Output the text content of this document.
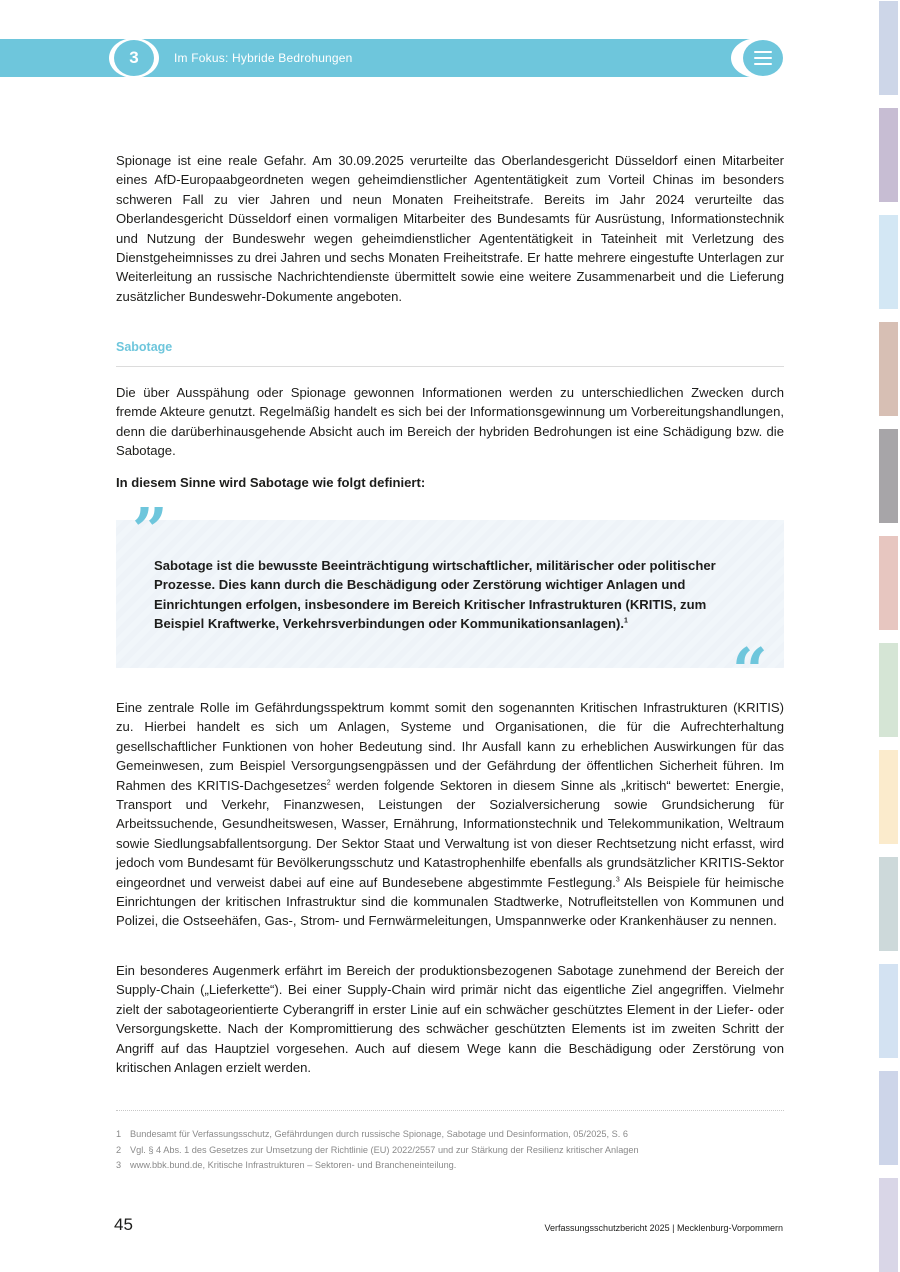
3	Im Fokus: Hybride Bedrohungen

Spionage ist eine reale Gefahr. Am 30.09.2025 verurteilte das Oberlandesgericht Düsseldorf einen Mitarbeiter eines AfD-Europaabgeordneten wegen geheimdienstlicher Agententätigkeit zum Vorteil Chinas im besonders schweren Fall zu vier Jahren und neun Monaten Freiheitstrafe. Bereits im Jahr 2024 verurteilte das Oberlandesgericht Düsseldorf einen vormaligen Mitarbeiter des Bundesamts für Ausrüstung, Informationstechnik und Nutzung der Bundeswehr wegen geheimdienstlicher Agententätigkeit in Tateinheit mit Verletzung des Dienstgeheimnisses zu drei Jahren und sechs Monaten Freiheitstrafe. Er hatte mehrere eingestufte Unterlagen zur Weiterleitung an russische Nachrichtendienste übermittelt sowie eine weitere Zusammenarbeit und die Lieferung zusätzlicher Bundeswehr-Dokumente angeboten.

Sabotage

Die über Ausspähung oder Spionage gewonnen Informationen werden zu unterschiedlichen Zwecken durch fremde Akteure genutzt. Regelmäßig handelt es sich bei der Informationsgewinnung um Vorbereitungshandlungen, denn die darüberhinausgehende Absicht auch im Bereich der hybriden Bedrohungen ist eine Schädigung bzw. die Sabotage.

In diesem Sinne wird Sabotage wie folgt definiert:
”

Sabotage ist die bewusste Beeinträchtigung wirtschaftlicher, militärischer oder politischer Prozesse. Dies kann durch die Beschädigung oder Zerstörung wichtiger Anlagen und Einrichtungen erfolgen, insbesondere im Bereich Kritischer Infrastrukturen (KRITIS, zum Beispiel Kraftwerke, Verkehrsverbindungen oder Kommunikationsanlagen).$^1$

“

Eine zentrale Rolle im Gefährdungsspektrum kommt somit den sogenannten Kritischen Infrastrukturen (KRITIS) zu. Hierbei handelt es sich um Anlagen, Systeme und Organisationen, die für die Aufrechterhaltung gesellschaftlicher Funktionen von hoher Bedeutung sind. Ihr Ausfall kann zu erheblichen Auswirkungen für das Gemeinwesen, zum Beispiel Versorgungsengpässen und der Gefährdung der öffentlichen Sicherheit führen. Im Rahmen des KRITIS-Dachgesetzes$^2$ werden folgende Sektoren in diesem Sinne als „kritisch“ bewertet: Energie, Transport und Verkehr, Finanzwesen, Leistungen der Sozialversicherung sowie Grundsicherung für Arbeitssuchende, Gesundheitswesen, Wasser, Ernährung, Informationstechnik und Telekommunikation, Weltraum sowie Siedlungsabfallentsorgung. Der Sektor Staat und Verwaltung ist von dieser Rechtsetzung nicht erfasst, wird jedoch vom Bundesamt für Bevölkerungsschutz und Katastrophenhilfe ebenfalls als grundsätzlicher KRITIS-Sektor eingeordnet und verweist dabei auf eine auf Bundesebene abgestimmte Festlegung.$^3$ Als Beispiele für heimische Einrichtungen der kritischen Infrastruktur sind die kommunalen Stadtwerke, Notrufleitstellen von Kommunen und Polizei, die Ostseehäfen, Gas-, Strom- und Fernwärmeleitungen, Umspannwerke oder Krankenhäuser zu nennen.

Ein besonderes Augenmerk erfährt im Bereich der produktionsbezogenen Sabotage zunehmend der Bereich der Supply-Chain („Lieferkette“). Bei einer Supply-Chain wird primär nicht das eigentliche Ziel angegriffen. Vielmehr zielt der sabotageorientierte Cyberangriff in erster Linie auf ein schwächer geschütztes Element in der Liefer- oder Versorgungskette. Nach der Kompromittierung des schwächer geschützten Elements ist im zweiten Schritt der Angriff auf das Hauptziel vorgesehen. Auch auf diesem Wege kann die Beschädigung oder Zerstörung von kritischen Anlagen erzielt werden.

1 Bundesamt für Verfassungsschutz, Gefährdungen durch russische Spionage, Sabotage und Desinformation, 05/2025, S. 6
2 Vgl. § 4 Abs. 1 des Gesetzes zur Umsetzung der Richtlinie (EU) 2022/2557 und zur Stärkung der Resilienz kritischer Anlagen
3 www.bbk.bund.de, Kritische Infrastrukturen – Sektoren- und Brancheneinteilung.
45	Verfassungsschutzbericht 2025 | Mecklenburg-Vorpommern
